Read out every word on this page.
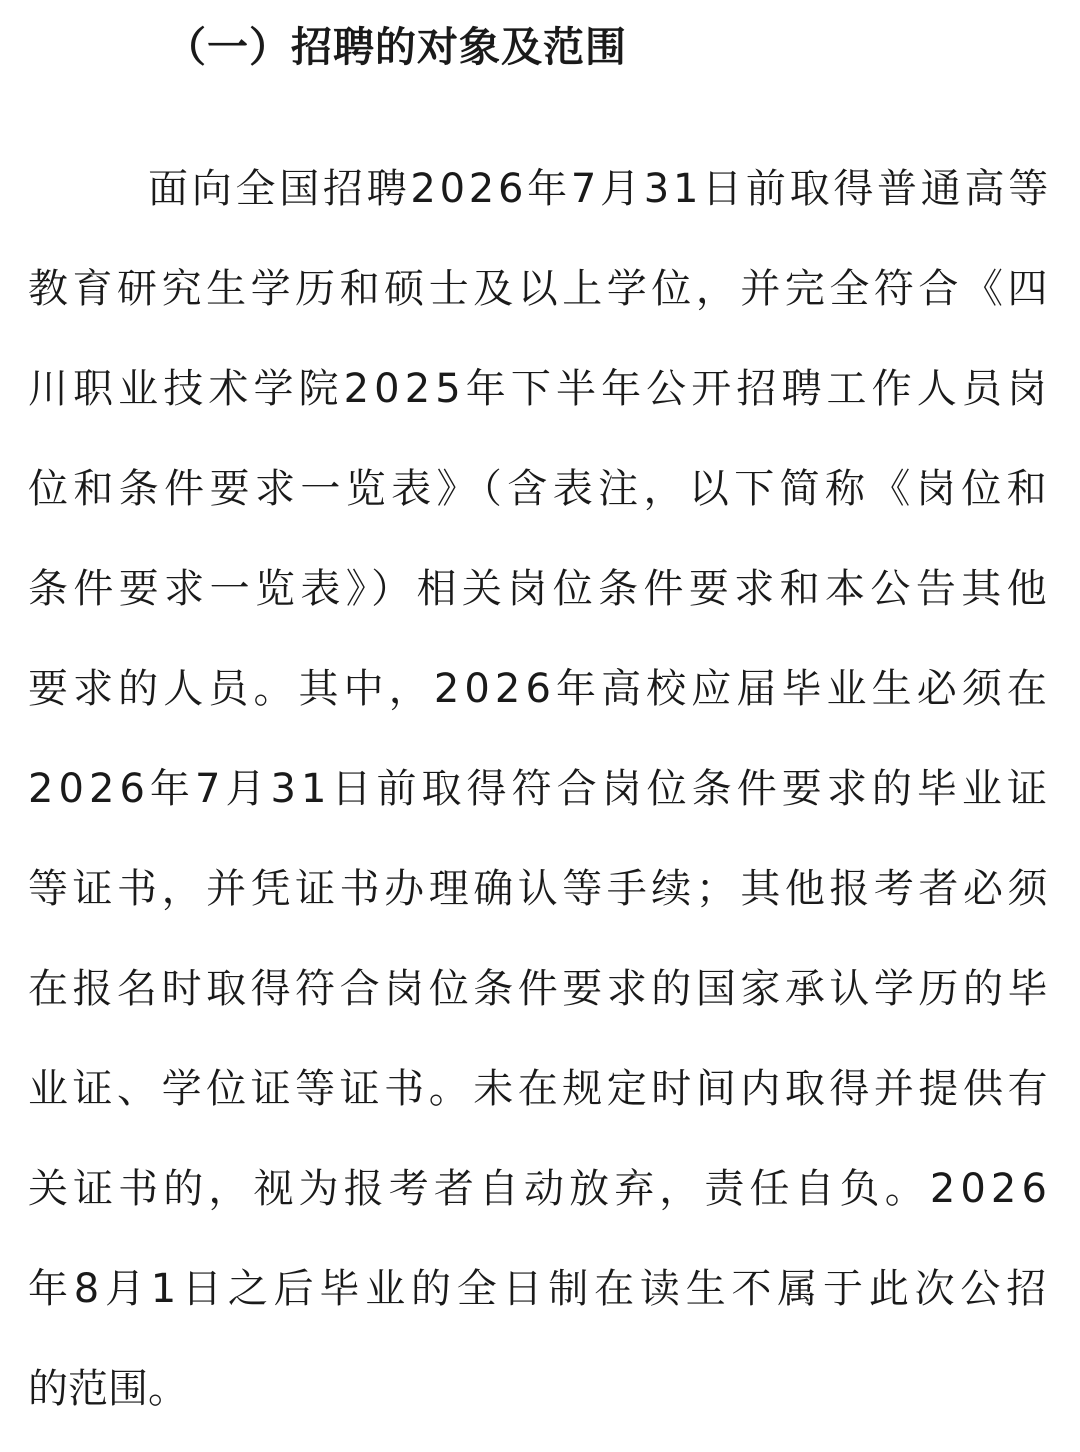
（一）招聘的对象及范围
面向全国招聘2026年7月31日前取得普通高等
教育研究生学历和硕士及以上学位，并完全符合《四
川职业技术学院2025年下半年公开招聘工作人员岗
位和条件要求一览表》（含表注，以下简称《岗位和
条件要求一览表》）相关岗位条件要求和本公告其他
要求的人员。其中，2026年高校应届毕业生必须在
2026年7月31日前取得符合岗位条件要求的毕业证
等证书，并凭证书办理确认等手续；其他报考者必须
在报名时取得符合岗位条件要求的国家承认学历的毕
业证、学位证等证书。未在规定时间内取得并提供有
关证书的，视为报考者自动放弃，责任自负。2026
年8月1日之后毕业的全日制在读生不属于此次公招
的范围。
